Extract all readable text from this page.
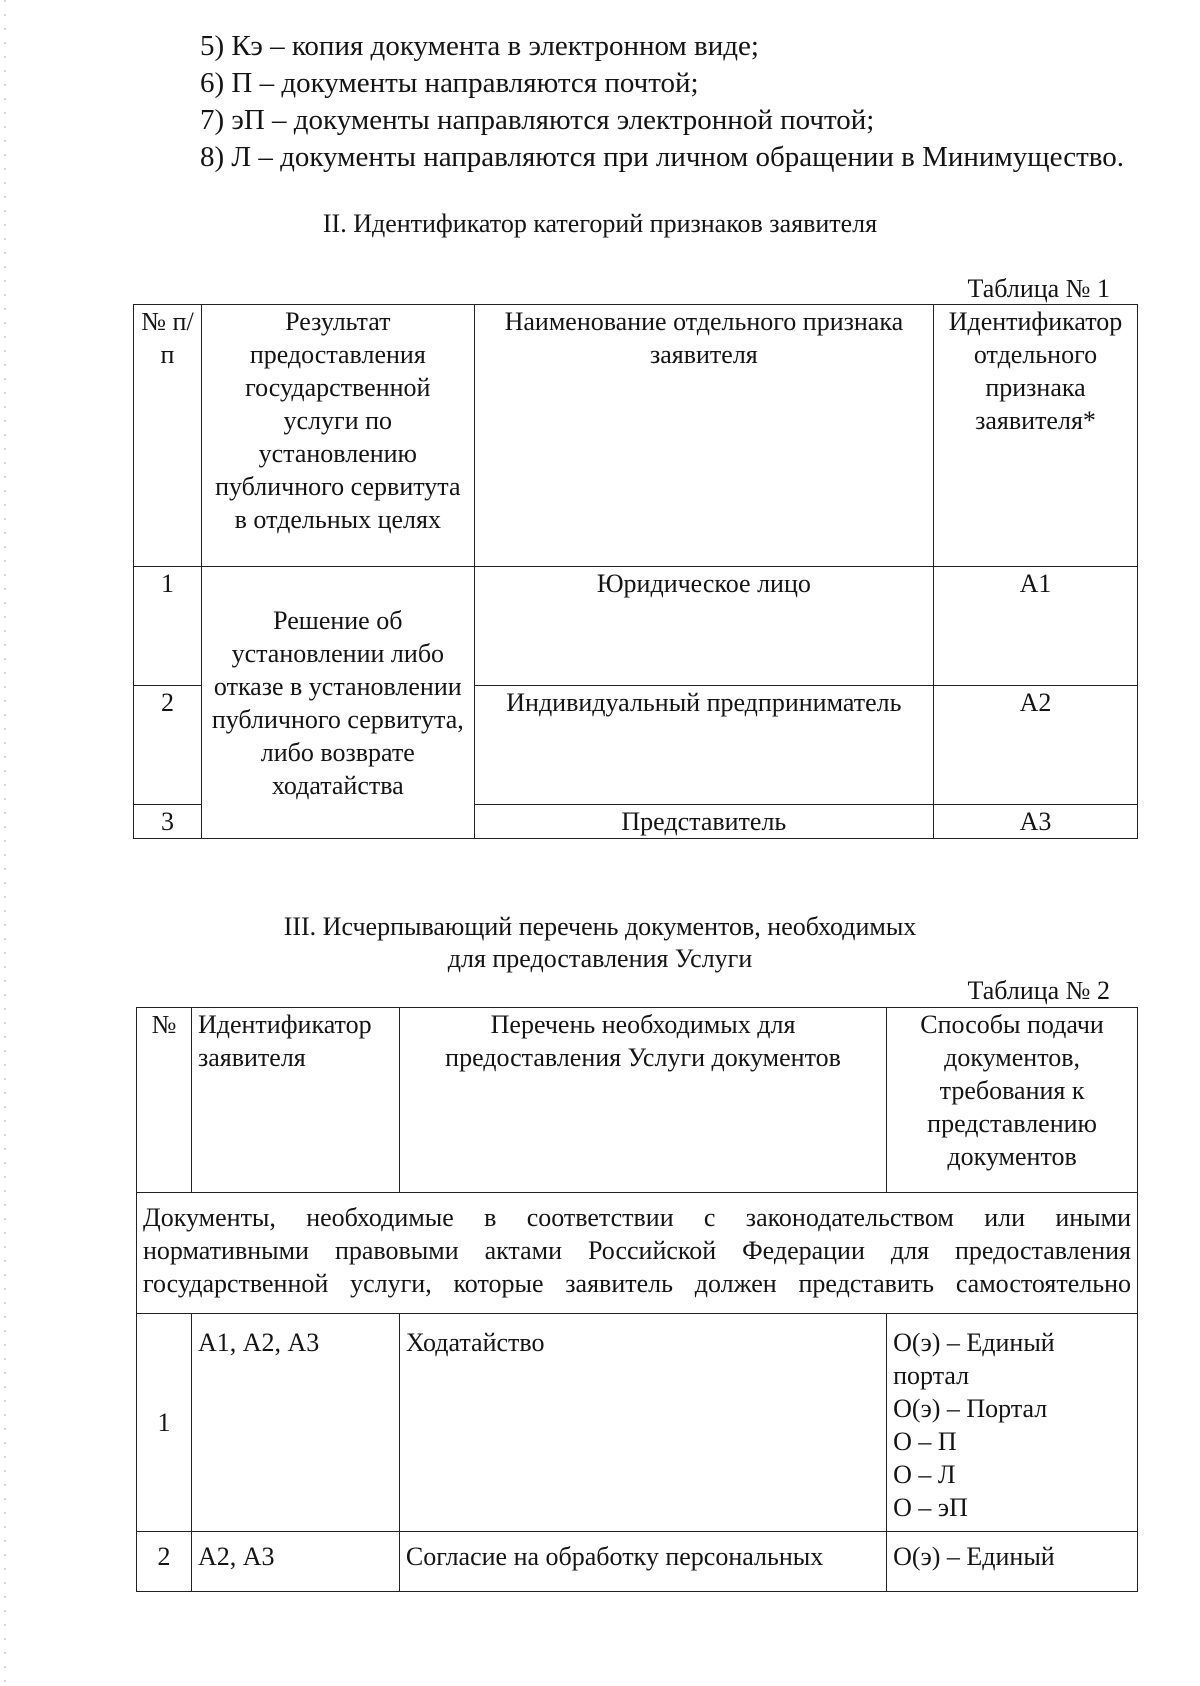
5) Кэ – копия документа в электронном виде;
6) П – документы направляются почтой;
7) эП – документы направляются электронной почтой;
8) Л – документы направляются при личном обращении в Минимущество.
II. Идентификатор категорий признаков заявителя
Таблица № 1
№ п/п	Результат предоставления государственной услуги по установлению публичного сервитута в отдельных целях	Наименование отдельного признака заявителя	Идентификатор отдельного признака заявителя*
1	Решение об установлении либо отказе в установлении публичного сервитута, либо возврате ходатайства	Юридическое лицо	А1
2		Индивидуальный предприниматель	А2
3		Представитель	А3
III. Исчерпывающий перечень документов, необходимых
для предоставления Услуги
Таблица № 2
№	Идентификатор заявителя	Перечень необходимых для предоставления Услуги документов	Способы подачи документов, требования к представлению документов
Документы, необходимые в соответствии с законодательством или иными нормативными правовыми актами Российской Федерации для предоставления государственной услуги, которые заявитель должен представить самостоятельно			
1	А1, А2, А3	Ходатайство	О(э) – Единый портал
О(э) – Портал
О – П
О – Л
О – эП

2	А2, А3	Согласие на обработку персональных	О(э) – Единый
